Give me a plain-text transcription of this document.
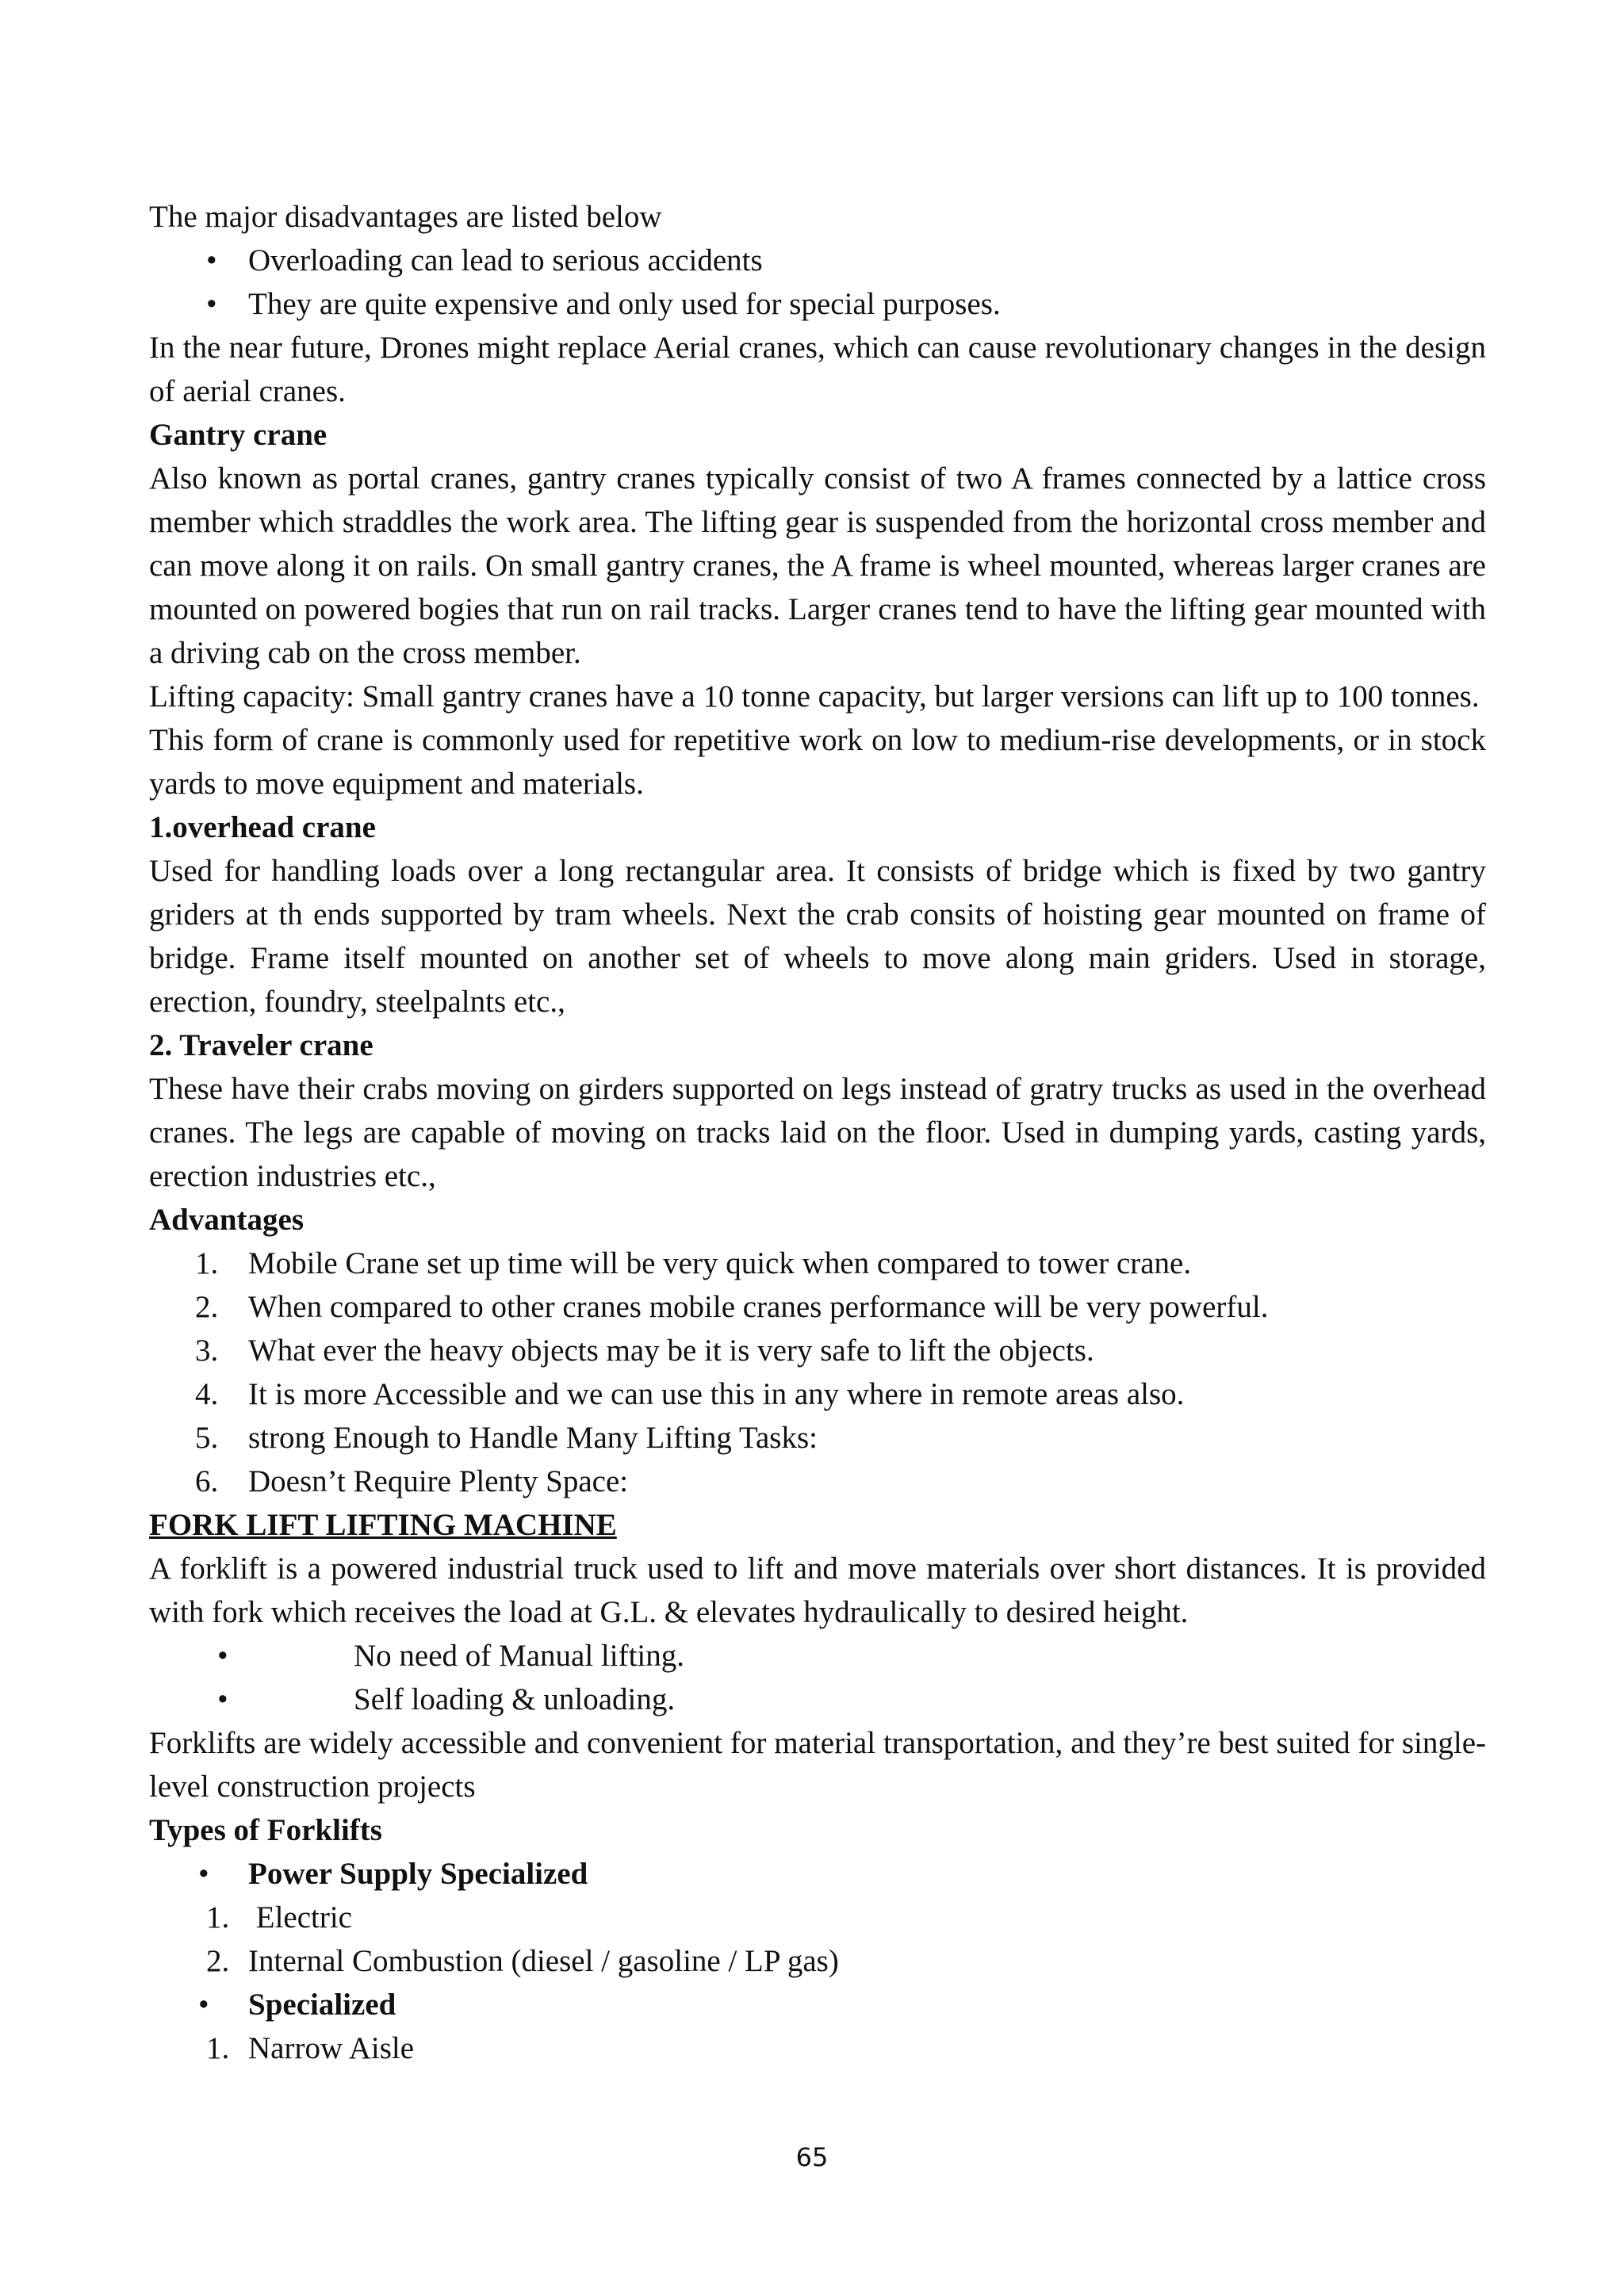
The major disadvantages are listed below

• Overloading can lead to serious accidents
• They are quite expensive and only used for special purposes.

In the near future, Drones might replace Aerial cranes, which can cause revolutionary changes in the design of aerial cranes.

Gantry crane

Also known as portal cranes, gantry cranes typically consist of two A frames connected by a lattice cross member which straddles the work area. The lifting gear is suspended from the horizontal cross member and can move along it on rails. On small gantry cranes, the A frame is wheel mounted, whereas larger cranes are mounted on powered bogies that run on rail tracks. Larger cranes tend to have the lifting gear mounted with a driving cab on the cross member.

Lifting capacity: Small gantry cranes have a 10 tonne capacity, but larger versions can lift up to 100 tonnes.

This form of crane is commonly used for repetitive work on low to medium-rise developments, or in stock yards to move equipment and materials.

1.overhead crane

Used for handling loads over a long rectangular area. It consists of bridge which is fixed by two gantry griders at th ends supported by tram wheels. Next the crab consits of hoisting gear mounted on frame of bridge. Frame itself mounted on another set of wheels to move along main griders. Used in storage, erection, foundry, steelpalnts etc.,

2. Traveler crane

These have their crabs moving on girders supported on legs instead of gratry trucks as used in the overhead cranes. The legs are capable of moving on tracks laid on the floor. Used in dumping yards, casting yards, erection industries etc.,

Advantages

1. Mobile Crane set up time will be very quick when compared to tower crane.
2. When compared to other cranes mobile cranes performance will be very powerful.
3. What ever the heavy objects may be it is very safe to lift the objects.
4. It is more Accessible and we can use this in any where in remote areas also.
5. strong Enough to Handle Many Lifting Tasks:
6. Doesn’t Require Plenty Space:

FORK LIFT LIFTING MACHINE

A forklift is a powered industrial truck used to lift and move materials over short distances. It is provided with fork which receives the load at G.L. & elevates hydraulically to desired height.

•	No need of Manual lifting.
•	Self loading & unloading.

Forklifts are widely accessible and convenient for material transportation, and they’re best suited for single-level construction projects

Types of Forklifts

• Power Supply Specialized
1. Electric
2. Internal Combustion (diesel / gasoline / LP gas)
• Specialized
1. Narrow Aisle
65
